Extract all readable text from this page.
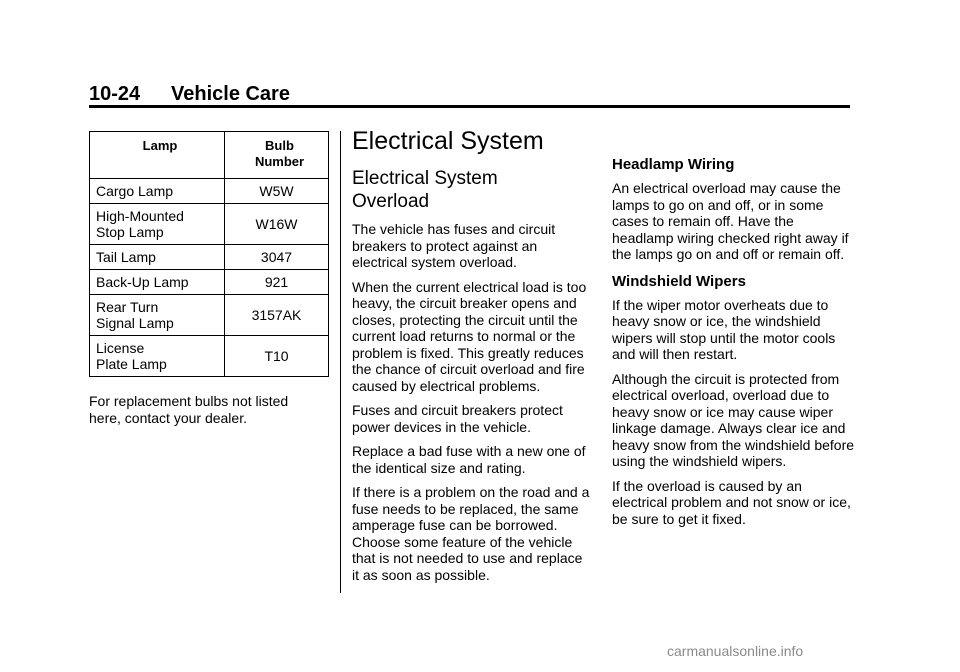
10-24 Vehicle Care
Lamp	Bulb
Number
Cargo Lamp	W5W
High-Mounted
Stop Lamp	W16W
Tail Lamp	3047
Back-Up Lamp	921
Rear Turn
Signal Lamp	3157AK
License
Plate Lamp	T10

For replacement bulbs not listed here, contact your dealer.

Electrical System
Electrical System Overload

The vehicle has fuses and circuit breakers to protect against an electrical system overload.

When the current electrical load is too heavy, the circuit breaker opens and closes, protecting the circuit until the current load returns to normal or the problem is fixed. This greatly reduces the chance of circuit overload and fire caused by electrical problems.

Fuses and circuit breakers protect power devices in the vehicle.

Replace a bad fuse with a new one of the identical size and rating.

If there is a problem on the road and a fuse needs to be replaced, the same amperage fuse can be borrowed. Choose some feature of the vehicle that is not needed to use and replace it as soon as possible.

Headlamp Wiring

An electrical overload may cause the lamps to go on and off, or in some cases to remain off. Have the headlamp wiring checked right away if the lamps go on and off or remain off.

Windshield Wipers

If the wiper motor overheats due to heavy snow or ice, the windshield wipers will stop until the motor cools and will then restart.

Although the circuit is protected from electrical overload, overload due to heavy snow or ice may cause wiper linkage damage. Always clear ice and heavy snow from the windshield before using the windshield wipers.

If the overload is caused by an electrical problem and not snow or ice, be sure to get it fixed.

carmanualsonline.info
